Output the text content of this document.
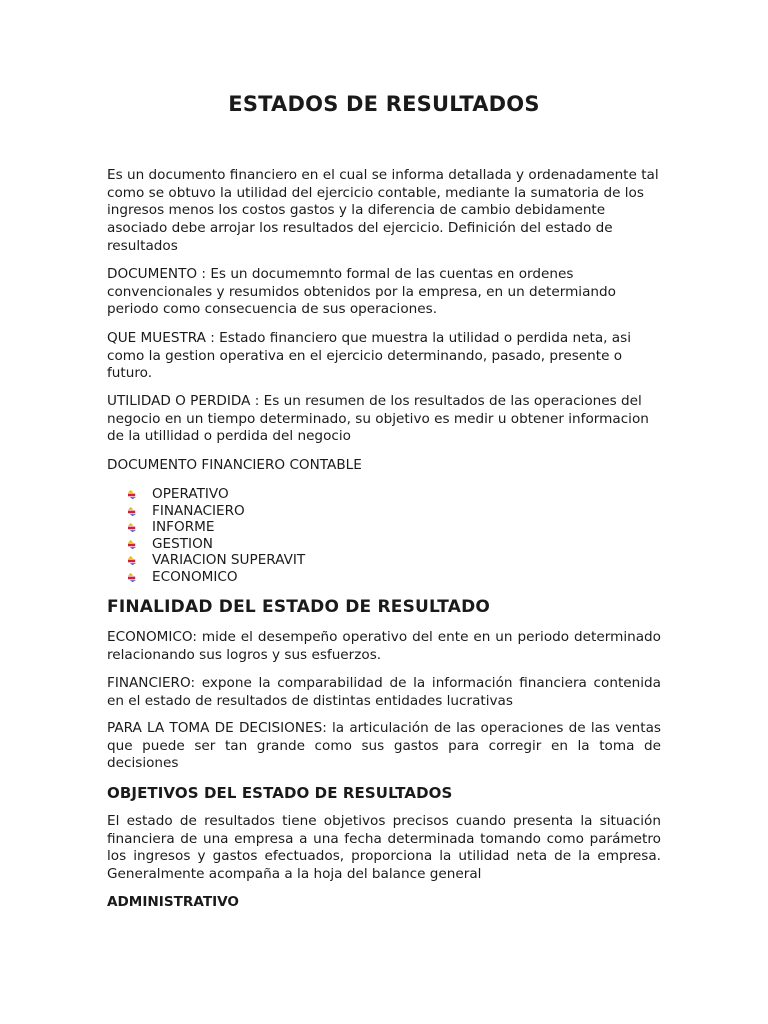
ESTADOS DE RESULTADOS

Es un documento financiero en el cual se informa detallada y ordenadamente tal como se obtuvo la utilidad del ejercicio contable, mediante la sumatoria de los ingresos menos los costos gastos y la diferencia de cambio debidamente asociado debe arrojar los resultados del ejercicio. Definición del estado de resultados

DOCUMENTO : Es un documemnto formal de las cuentas en ordenes convencionales y resumidos obtenidos por la empresa, en un determiando periodo como consecuencia de sus operaciones.

QUE MUESTRA : Estado financiero que muestra la utilidad o perdida neta, asi como la gestion operativa en el ejercicio determinando, pasado, presente o futuro.

UTILIDAD O PERDIDA : Es un resumen de los resultados de las operaciones del negocio en un tiempo determinado, su objetivo es medir u obtener informacion de la utillidad o perdida del negocio

DOCUMENTO FINANCIERO CONTABLE

OPERATIVO
FINANACIERO
INFORME
GESTION
VARIACION SUPERAVIT
ECONOMICO
FINALIDAD DEL ESTADO DE RESULTADO

ECONOMICO: mide el desempeño operativo del ente en un periodo determinado relacionando sus logros y sus esfuerzos.

FINANCIERO: expone la comparabilidad de la información financiera contenida en el estado de resultados de distintas entidades lucrativas

PARA LA TOMA DE DECISIONES: la articulación de las operaciones de las ventas que puede ser tan grande como sus gastos para corregir en la toma de decisiones

OBJETIVOS DEL ESTADO DE RESULTADOS

El estado de resultados tiene objetivos precisos cuando presenta la situación financiera de una empresa a una fecha determinada tomando como parámetro los ingresos y gastos efectuados, proporciona la utilidad neta de la empresa. Generalmente acompaña a la hoja del balance general

ADMINISTRATIVO
